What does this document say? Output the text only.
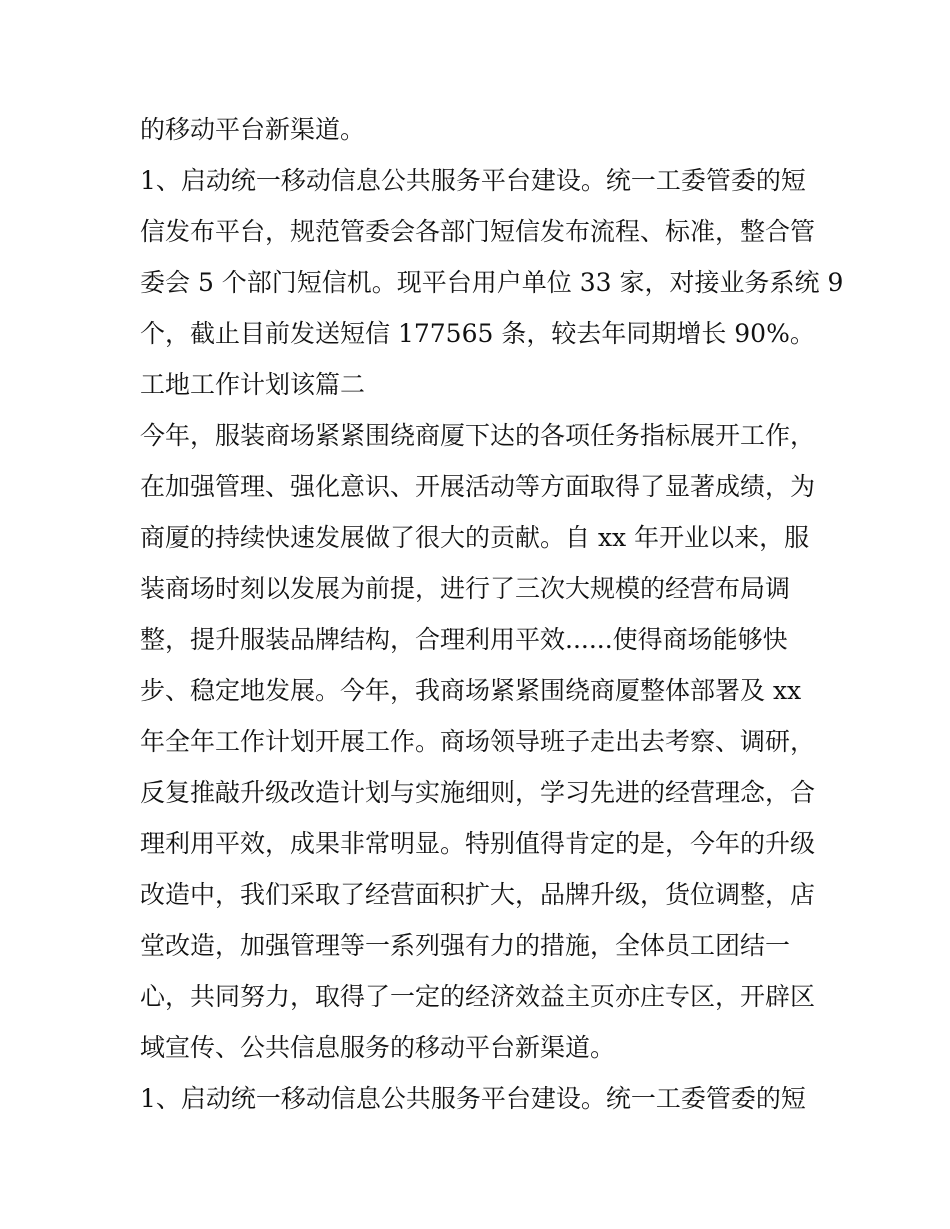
的移动平台新渠道。
1、启动统一移动信息公共服务平台建设。统一工委管委的短
信发布平台，规范管委会各部门短信发布流程、标准，整合管
委会 5 个部门短信机。现平台用户单位 33 家，对接业务系统 9
个，截止目前发送短信 177565 条，较去年同期增长 90%。
工地工作计划该篇二
今年，服装商场紧紧围绕商厦下达的各项任务指标展开工作，
在加强管理、强化意识、开展活动等方面取得了显著成绩，为
商厦的持续快速发展做了很大的贡献。自 xx 年开业以来，服
装商场时刻以发展为前提，进行了三次大规模的经营布局调
整，提升服装品牌结构，合理利用平效......使得商场能够快
步、稳定地发展。今年，我商场紧紧围绕商厦整体部署及 xx
年全年工作计划开展工作。商场领导班子走出去考察、调研，
反复推敲升级改造计划与实施细则，学习先进的经营理念，合
理利用平效，成果非常明显。特别值得肯定的是，今年的升级
改造中，我们采取了经营面积扩大，品牌升级，货位调整，店
堂改造，加强管理等一系列强有力的措施，全体员工团结一
心，共同努力，取得了一定的经济效益主页亦庄专区，开辟区
域宣传、公共信息服务的移动平台新渠道。
1、启动统一移动信息公共服务平台建设。统一工委管委的短
